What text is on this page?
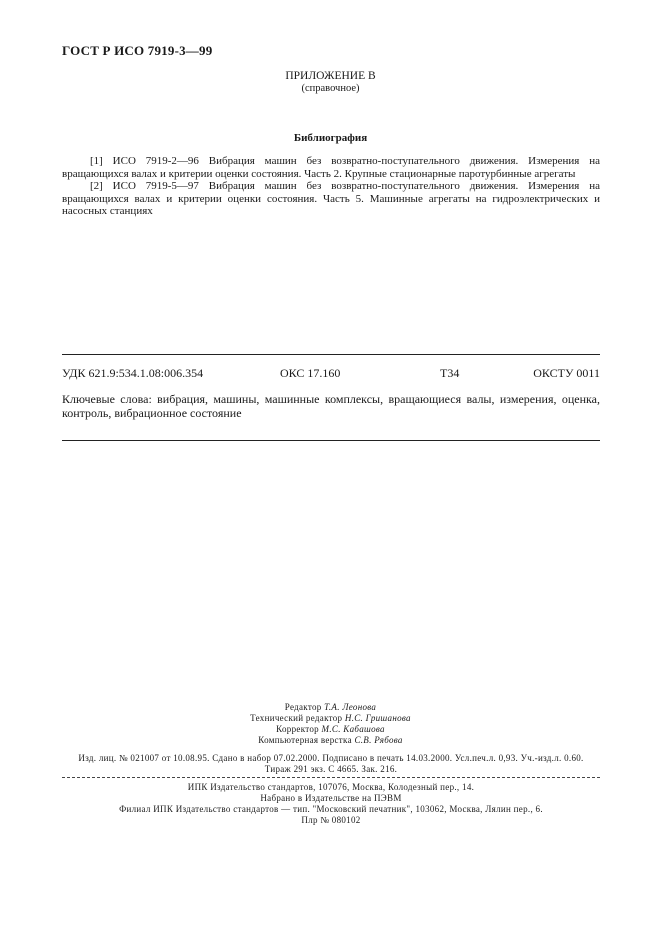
ГОСТ Р ИСО 7919-3—99
ПРИЛОЖЕНИЕ В
(справочное)
Библиография
[1] ИСО 7919-2—96 Вибрация машин без возвратно-поступательного движения. Измерения на вращающихся валах и критерии оценки состояния. Часть 2. Крупные стационарные паротурбинные агрегаты
[2] ИСО 7919-5—97 Вибрация машин без возвратно-поступательного движения. Измерения на вращающихся валах и критерии оценки состояния. Часть 5. Машинные агрегаты на гидроэлектрических и насосных станциях
УДК 621.9:534.1.08:006.354	ОКС 17.160	Т34	ОКСТУ 0011
Ключевые слова: вибрация, машины, машинные комплексы, вращающиеся валы, измерения, оценка, контроль, вибрационное состояние
Редактор Т.А. Леонова
Технический редактор Н.С. Гришанова
Корректор М.С. Кабашова
Компьютерная верстка С.В. Рябова
Изд. лиц. № 021007 от 10.08.95. Сдано в набор 07.02.2000. Подписано в печать 14.03.2000. Усл.печ.л. 0,93. Уч.-изд.л. 0.60.
Тираж 291 экз. С 4665. Зак. 216.
ИПК Издательство стандартов, 107076, Москва, Колодезный пер., 14.
Набрано в Издательстве на ПЭВМ
Филиал ИПК Издательство стандартов — тип. "Московский печатник", 103062, Москва, Лялин пер., 6.
Плр № 080102
